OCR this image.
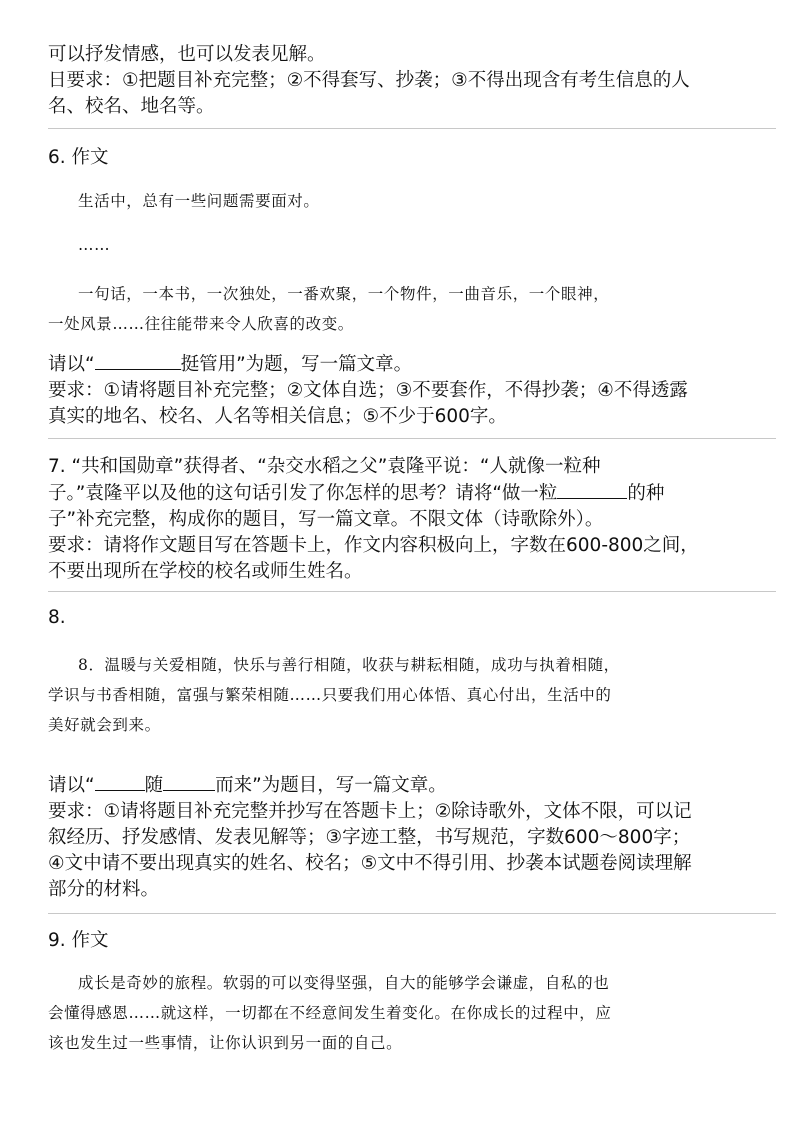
可以抒发情感，也可以发表见解。
日要求：①把题目补充完整；②不得套写、抄袭；③不得出现含有考生信息的人
名、校名、地名等。
6. 作文
生活中，总有一些问题需要面对。
……
一句话，一本书，一次独处，一番欢聚，一个物件，一曲音乐，一个眼神，
一处风景……往往能带来令人欣喜的改变。
请以“	挺管用”为题，写一篇文章。
要求：①请将题目补充完整；②文体自选；③不要套作，不得抄袭；④不得透露
真实的地名、校名、人名等相关信息；⑤不少于600字。
7. “共和国勋章”获得者、“杂交水稻之父”袁隆平说：“人就像一粒种
子。”袁隆平以及他的这句话引发了你怎样的思考？请将“做一粒	的种
子”补充完整，构成你的题目，写一篇文章。不限文体（诗歌除外）。
要求：请将作文题目写在答题卡上，作文内容积极向上，字数在600-800之间，
不要出现所在学校的校名或师生姓名。
8.
8．温暖与关爱相随，快乐与善行相随，收获与耕耘相随，成功与执着相随，
学识与书香相随，富强与繁荣相随……只要我们用心体悟、真心付出，生活中的
美好就会到来。
请以“	随	而来”为题目，写一篇文章。
要求：①请将题目补充完整并抄写在答题卡上；②除诗歌外，文体不限，可以记
叙经历、抒发感情、发表见解等；③字迹工整，书写规范，字数600～800字；
④文中请不要出现真实的姓名、校名；⑤文中不得引用、抄袭本试题卷阅读理解
部分的材料。
9. 作文
成长是奇妙的旅程。软弱的可以变得坚强，自大的能够学会谦虚，自私的也
会懂得感恩……就这样，一切都在不经意间发生着变化。在你成长的过程中，应
该也发生过一些事情，让你认识到另一面的自己。
